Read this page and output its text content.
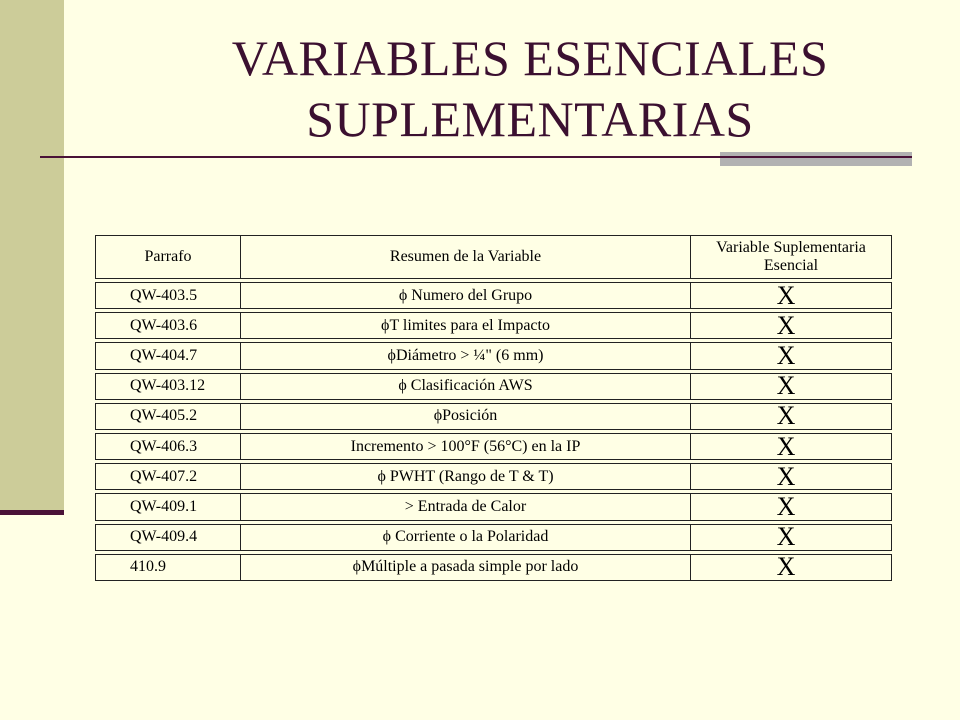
VARIABLES ESENCIALES
SUPLEMENTARIAS
Parrafo	Resumen de la Variable	Variable Suplementaria Esencial
QW-403.5	ϕ Numero del Grupo	X
QW-403.6	ϕT limites para el Impacto	X
QW-404.7	ϕDiámetro > ¼" (6 mm)	X
QW-403.12	ϕ Clasificación AWS	X
QW-405.2	ϕPosición	X
QW-406.3	Incremento > 100°F (56°C) en la IP	X
QW-407.2	ϕ PWHT (Rango de T & T)	X
QW-409.1	> Entrada de Calor	X
QW-409.4	ϕ Corriente o la Polaridad	X
410.9	ϕMúltiple a pasada simple por lado	X
